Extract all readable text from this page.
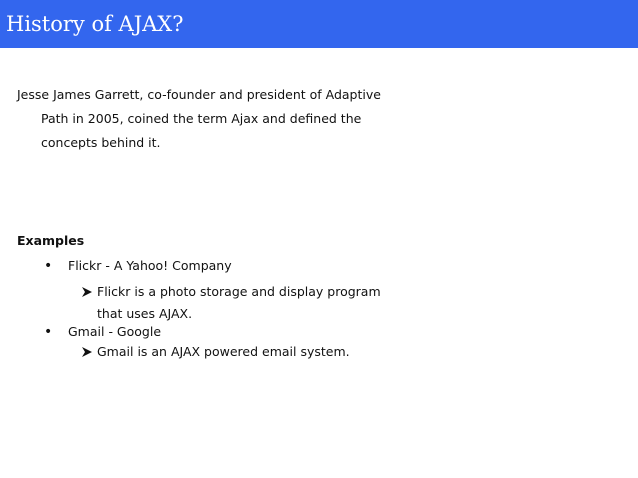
History of AJAX?
Jesse James Garrett, co-founder and president of Adaptive
Path in 2005, coined the term Ajax and defined the
concepts behind it.
Examples
•	Flickr - A Yahoo! Company
Flickr is a photo storage and display program
that uses AJAX.
•	Gmail - Google
Gmail is an AJAX powered email system.
